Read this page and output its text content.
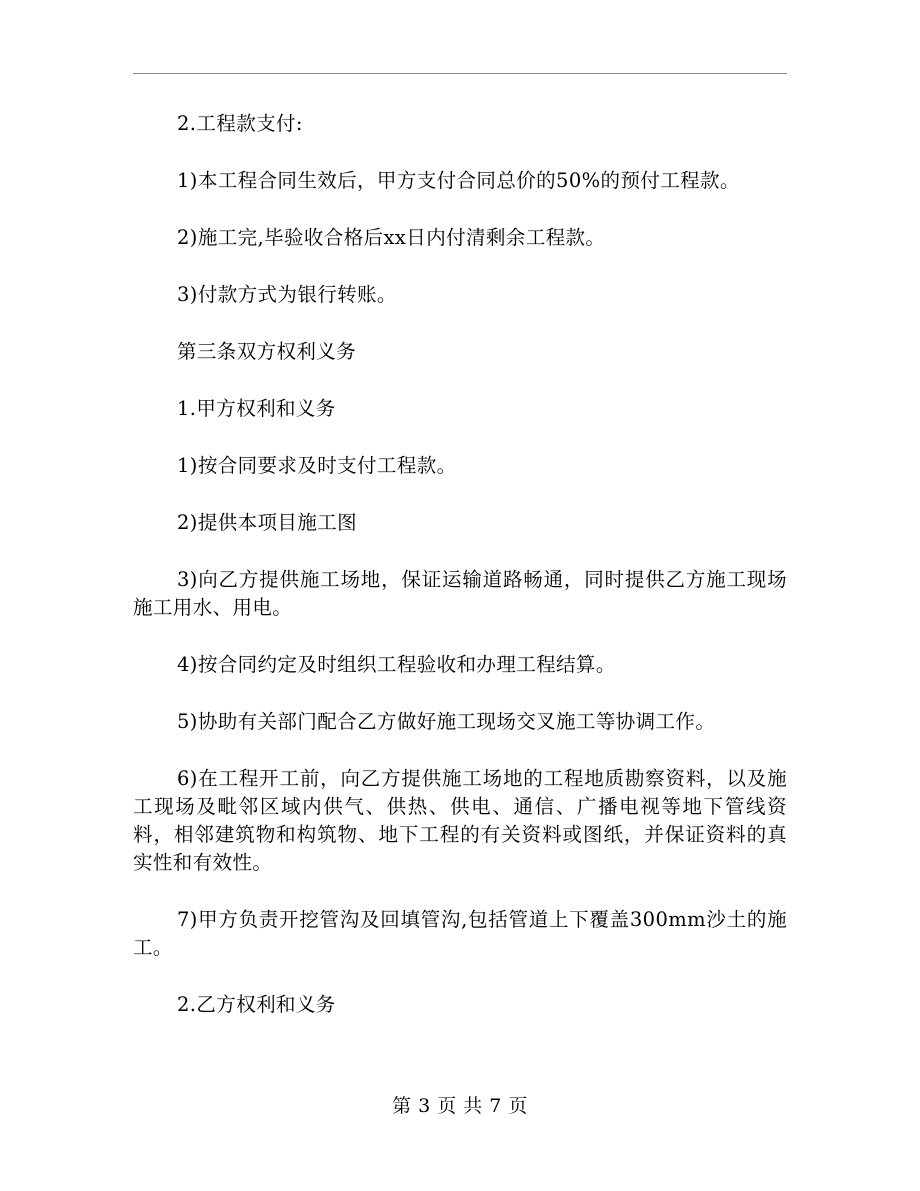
2.工程款支付:

1)本工程合同生效后，甲方支付合同总价的50%的预付工程款。

2)施工完,毕验收合格后xx日内付清剩余工程款。

3)付款方式为银行转账。

第三条双方权利义务

1.甲方权利和义务

1)按合同要求及时支付工程款。

2)提供本项目施工图

3)向乙方提供施工场地，保证运输道路畅通，同时提供乙方施工现场施工用水、用电。

4)按合同约定及时组织工程验收和办理工程结算。

5)协助有关部门配合乙方做好施工现场交叉施工等协调工作。

6)在工程开工前，向乙方提供施工场地的工程地质勘察资料，以及施工现场及毗邻区域内供气、供热、供电、通信、广播电视等地下管线资料，相邻建筑物和构筑物、地下工程的有关资料或图纸，并保证资料的真实性和有效性。

7)甲方负责开挖管沟及回填管沟,包括管道上下覆盖300mm沙土的施工。

2.乙方权利和义务

第 3 页 共 7 页
